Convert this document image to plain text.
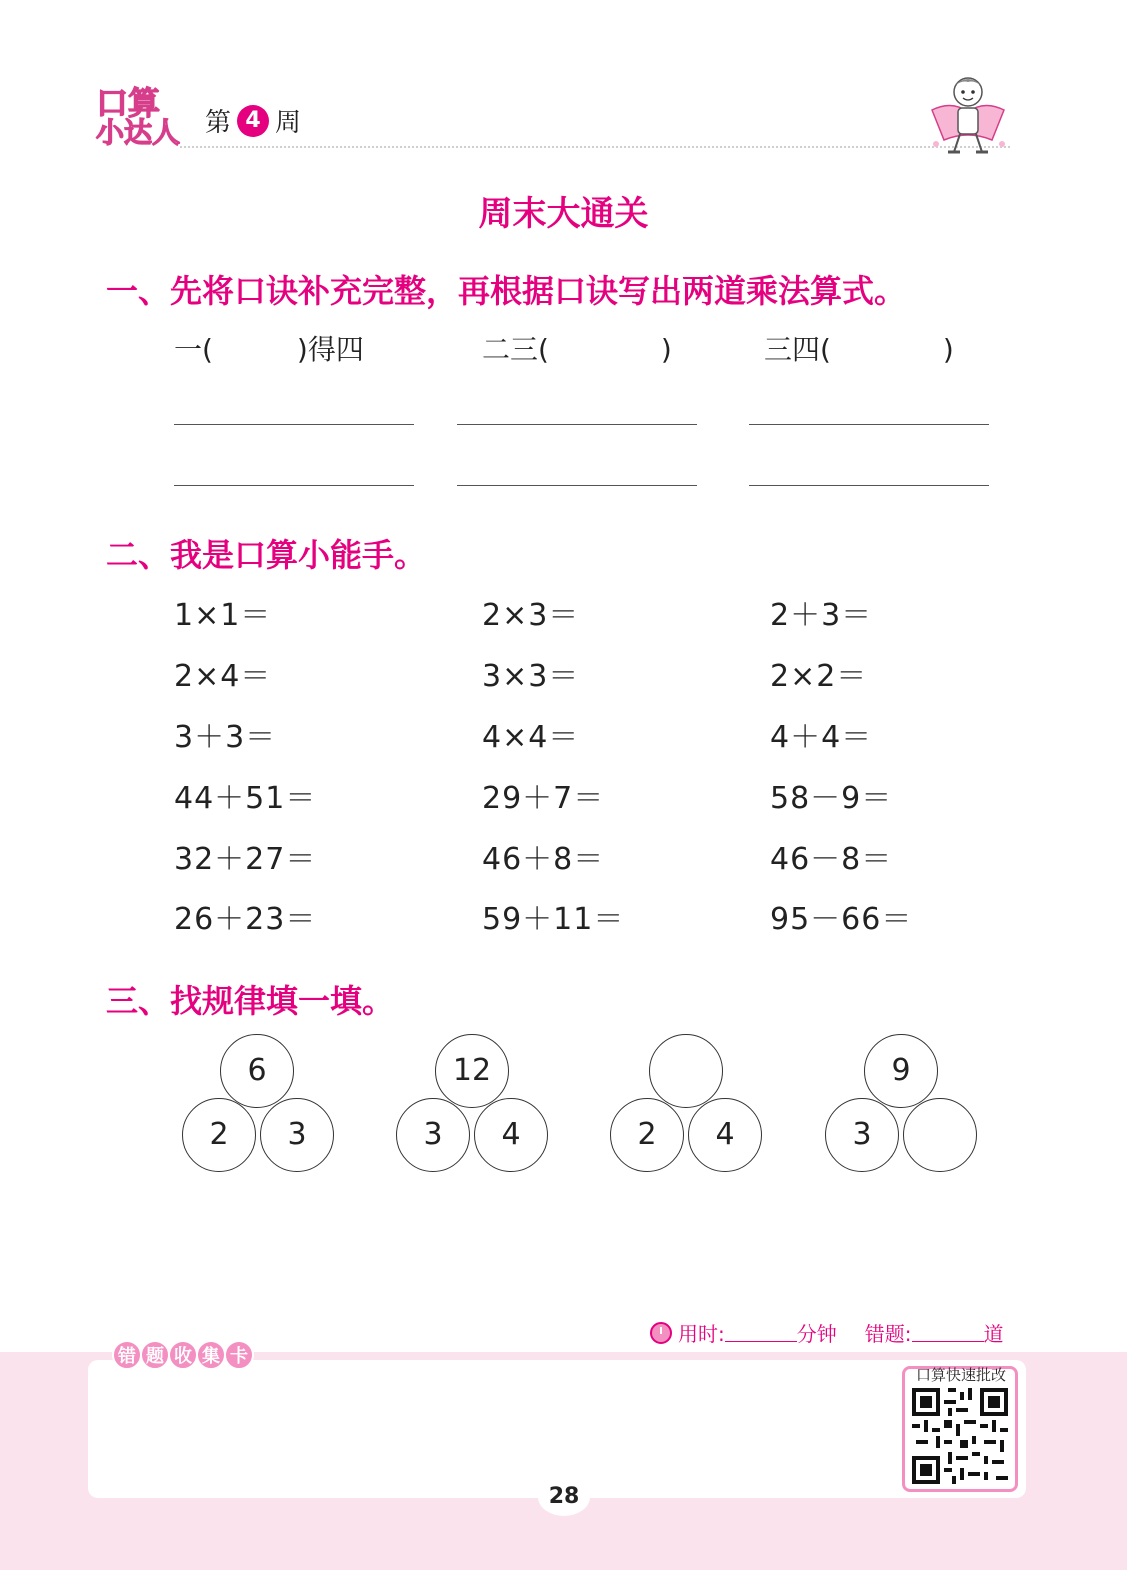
口算
小达人 第 4 周
周末大通关
一、先将口诀补充完整，再根据口诀写出两道乘法算式。
一(　　　)得四	二三(　　　　)	三四(　　　　)
二、我是口算小能手。
1×1＝	2×3＝	2＋3＝
2×4＝	3×3＝	2×2＝
3＋3＝	4×4＝	4＋4＝
44＋51＝	29＋7＝	58－9＝
32＋27＝	46＋8＝	46－8＝
26＋23＝	59＋11＝	95－66＝
三、找规律填一填。
6
2	3
12
3	4	2	4
9
3
用时:	分钟 错题:	道
错 题 收 集 卡
口算快速批改
28
